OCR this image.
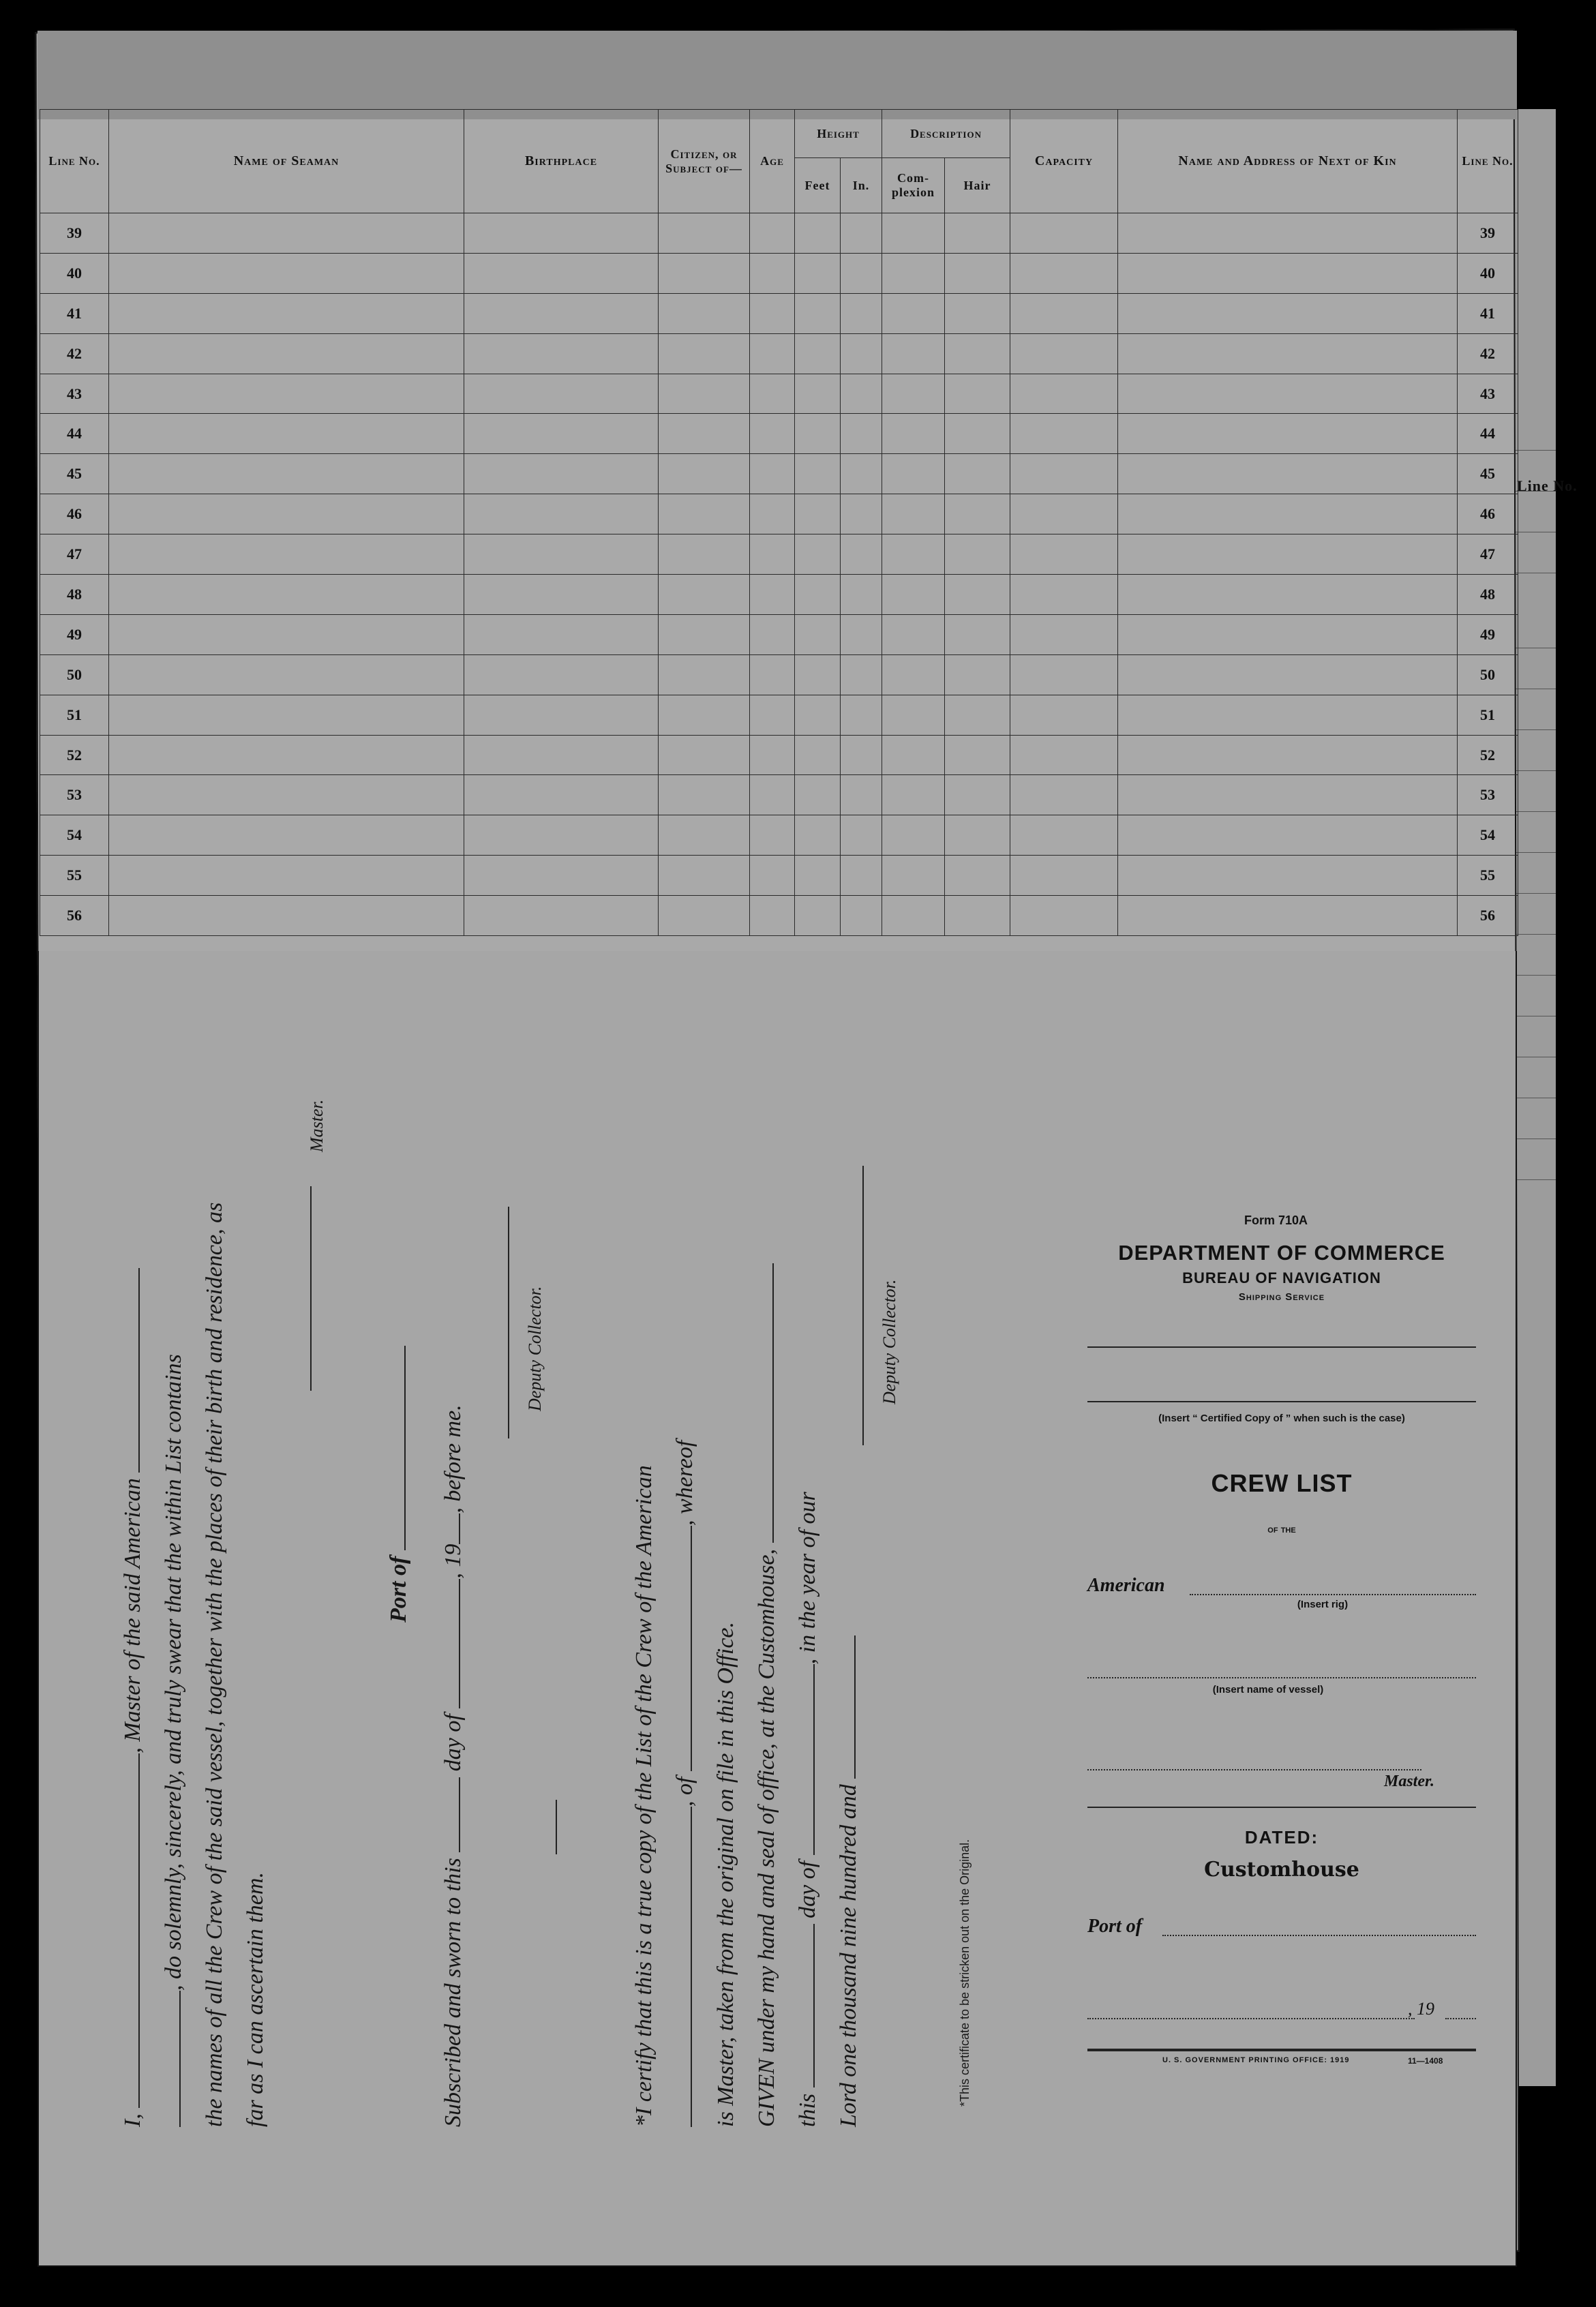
Line No.
Line No.	Name of Seaman	Birthplace	Citizen, or Subject of—	Age	Height		Description		Capacity	Name and Address of Next of Kin	Line No.
					Feet	In.	Com- plexion	Hair			
39											39
40											40
41											41
42											42
43											43
44											44
45											45
46											46
47											47
48											48
49											49
50											50
51											51
52											52
53											53
54											54
55											55
56											56
I, , Master of the said American , do solemnly, sincerely, and truly swear that the within List contains the names of all the Crew of the said vessel, together with the places of their birth and residence, as far as I can ascertain them.
Master.
Port of
Subscribed and sworn to this  day of , 19, before me.
Deputy Collector.
*I certify that this is a true copy of the List of the Crew of the American , of , whereof
is Master, taken from the original on file in this Office. GIVEN under my hand and seal of office, at the Customhouse, this  day of , in the year of our
Lord one thousand nine hundred and
Deputy Collector.
*This certificate to be stricken out on the Original.
Form 710A
DEPARTMENT OF COMMERCE
BUREAU OF NAVIGATION
Shipping Service
(Insert “ Certified Copy of ” when such is the case)
CREW LIST
of the
American
(Insert rig)
(Insert name of vessel)
Master.
DATED:
Customhouse
Port of
, 19
U. S. GOVERNMENT PRINTING OFFICE: 1919	11—1408
